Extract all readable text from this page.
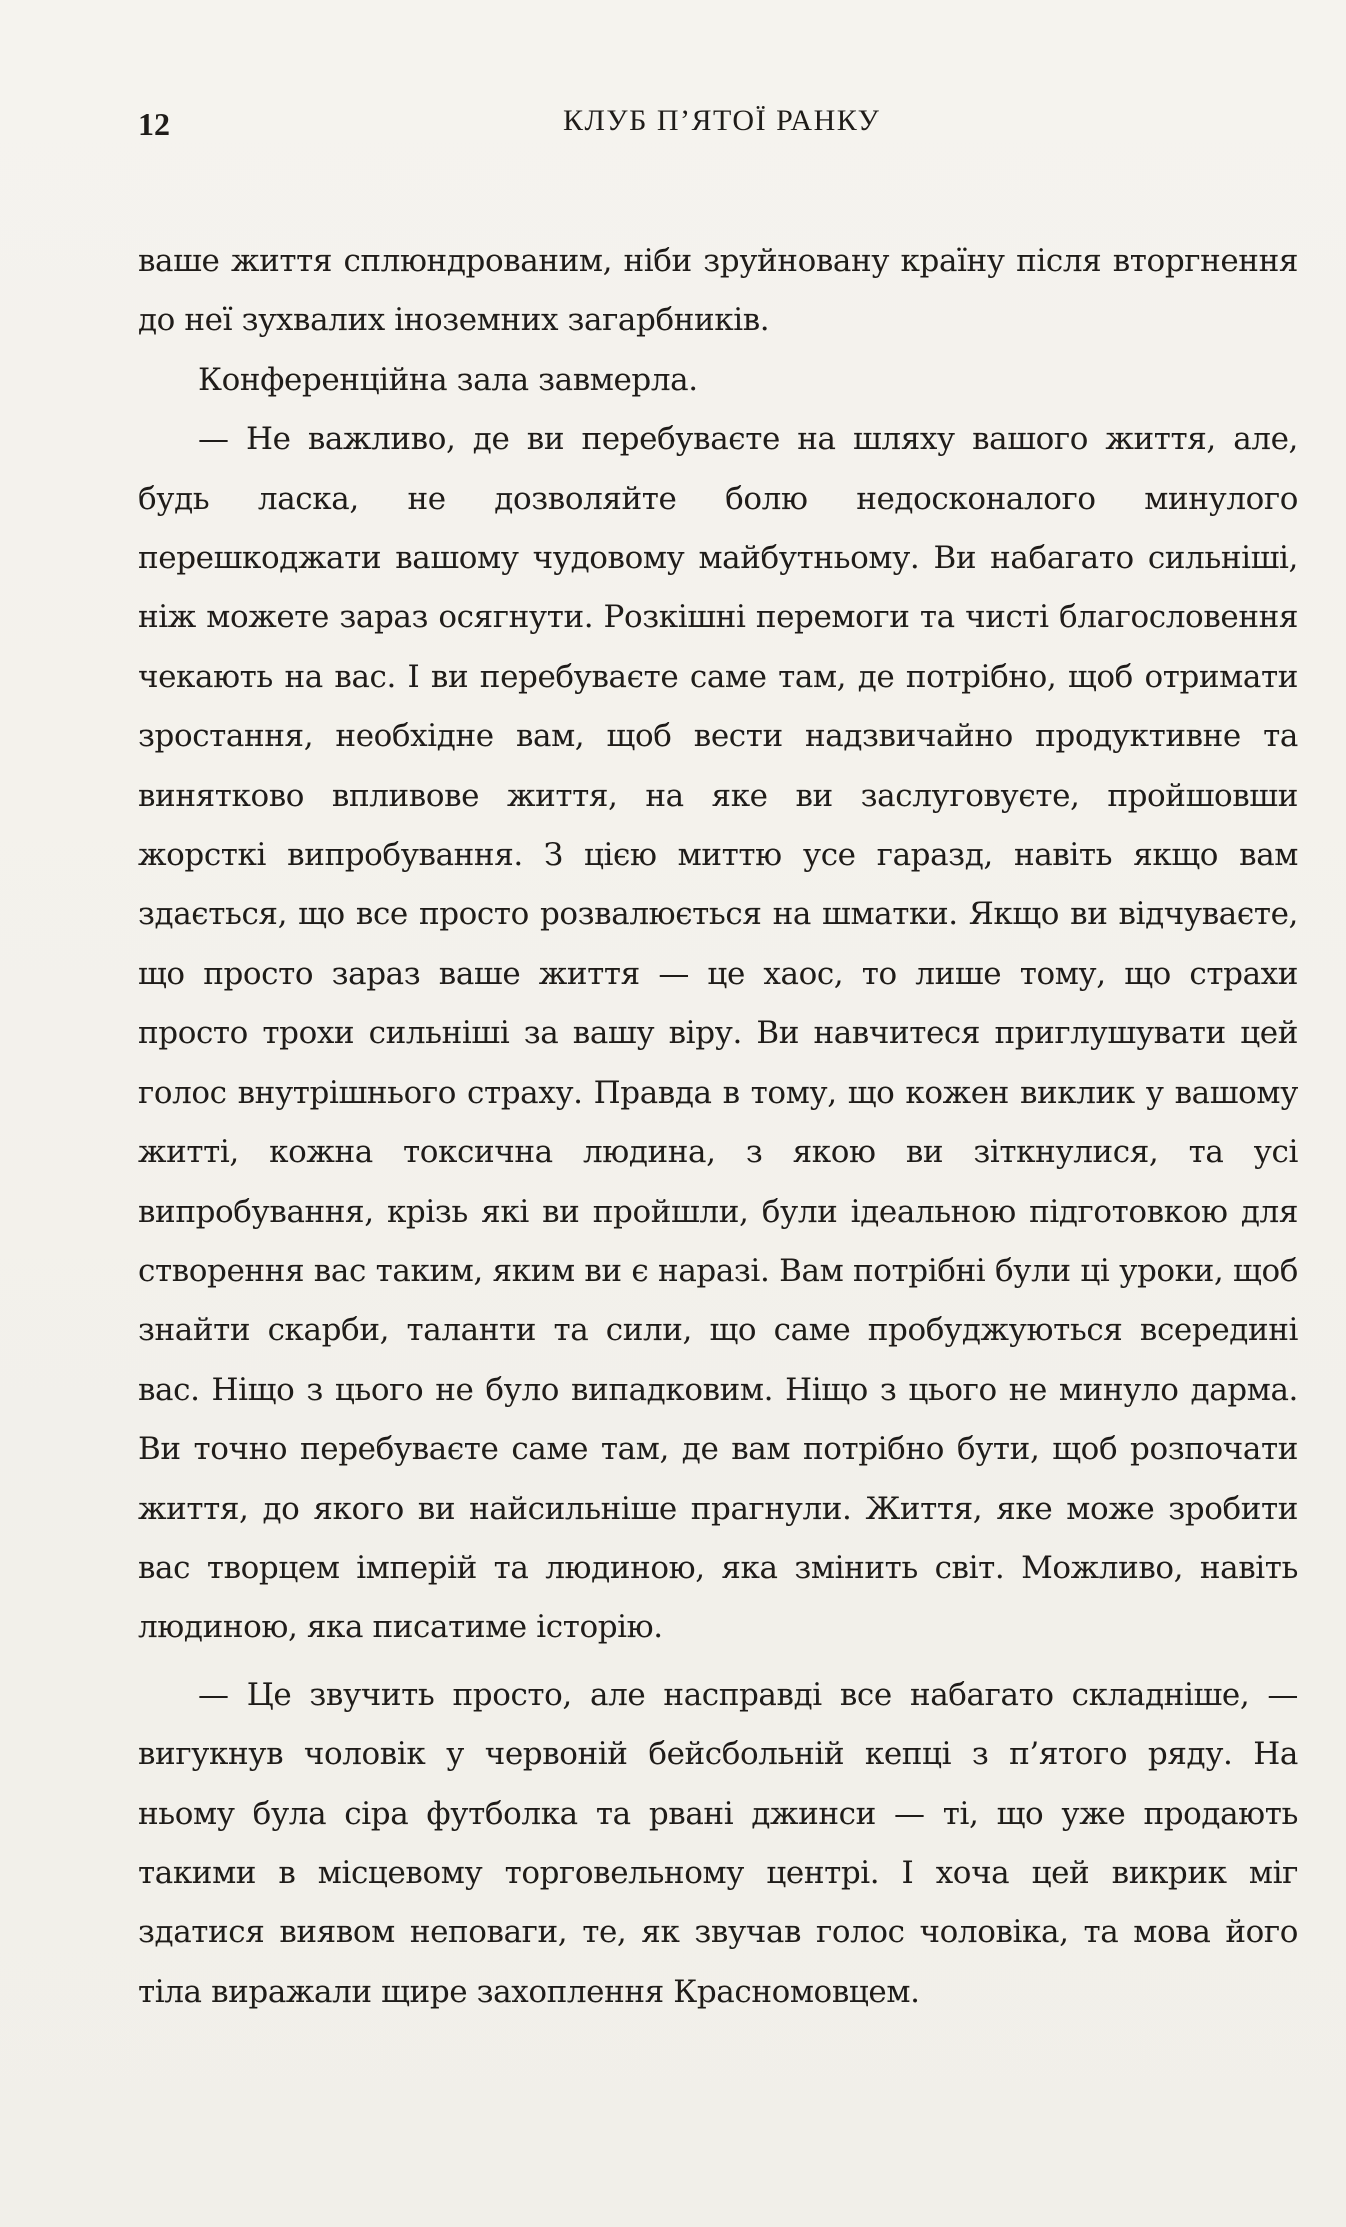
12	КЛУБ П’ЯТОЇ РАНКУ

ваше життя сплюндрованим, ніби зруйновану країну після вторгнення до неї зухвалих іноземних загарбників.

Конференційна зала завмерла.

— Не важливо, де ви перебуваєте на шляху вашого життя, але, будь ласка, не дозволяйте болю недосконалого минулого перешкоджати вашому чудовому майбутньому. Ви набагато сильніші, ніж можете зараз осягнути. Розкішні перемоги та чисті благословення чекають на вас. І ви перебуваєте саме там, де потрібно, щоб отримати зростання, необхідне вам, щоб вести надзвичайно продуктивне та винятково впливове життя, на яке ви заслуговуєте, пройшовши жорсткі випробування. З цією миттю усе гаразд, навіть якщо вам здається, що все просто розвалюється на шматки. Якщо ви відчуваєте, що просто зараз ваше життя — це хаос, то лише тому, що страхи просто трохи сильніші за вашу віру. Ви навчитеся приглушувати цей голос внутрішнього страху. Правда в тому, що кожен виклик у вашому житті, кожна токсична людина, з якою ви зіткнулися, та усі випробування, крізь які ви пройшли, були ідеальною підготовкою для створення вас таким, яким ви є наразі. Вам потрібні були ці уроки, щоб знайти скарби, таланти та сили, що саме пробуджуються всередині вас. Ніщо з цього не було випадковим. Ніщо з цього не минуло дарма. Ви точно перебуваєте саме там, де вам потрібно бути, щоб розпочати життя, до якого ви найсильніше прагнули. Життя, яке може зробити вас творцем імперій та людиною, яка змінить світ. Можливо, навіть людиною, яка писатиме історію.

— Це звучить просто, але насправді все набагато складніше, — вигукнув чоловік у червоній бейсбольній кепці з п’ятого ряду. На ньому була сіра футболка та рвані джинси — ті, що уже продають такими в місцевому торговельному центрі. І хоча цей викрик міг здатися виявом неповаги, те, як звучав голос чоловіка, та мова його тіла виражали щире захоплення Красномовцем.
